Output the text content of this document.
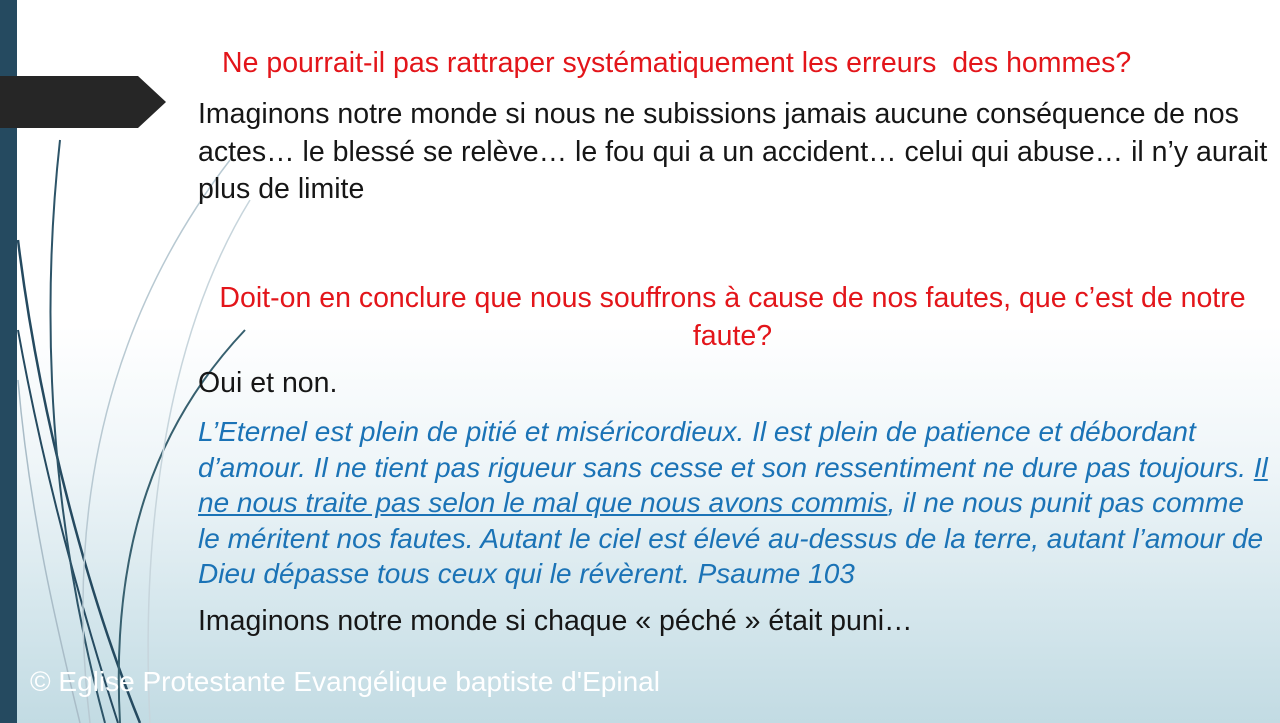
Ne pourrait-il pas rattraper systématiquement les erreurs  des hommes?

Imaginons notre monde si nous ne subissions jamais aucune conséquence de nos actes… le blessé se relève… le fou qui a un accident… celui qui abuse… il n’y aurait plus de limite

Doit-on en conclure que nous souffrons à cause de nos fautes, que c’est de notre faute?

Oui et non.

L’Eternel est plein de pitié et miséricordieux. Il est plein de patience et débordant d’amour. Il ne tient pas rigueur sans cesse et son ressentiment ne dure pas toujours. Il ne nous traite pas selon le mal que nous avons commis, il ne nous punit pas comme le méritent nos fautes. Autant le ciel est élevé au-dessus de la terre, autant l’amour de Dieu dépasse tous ceux qui le révèrent. Psaume 103

Imaginons notre monde si chaque « péché » était puni…

© Eglise Protestante Evangélique baptiste d'Epinal
